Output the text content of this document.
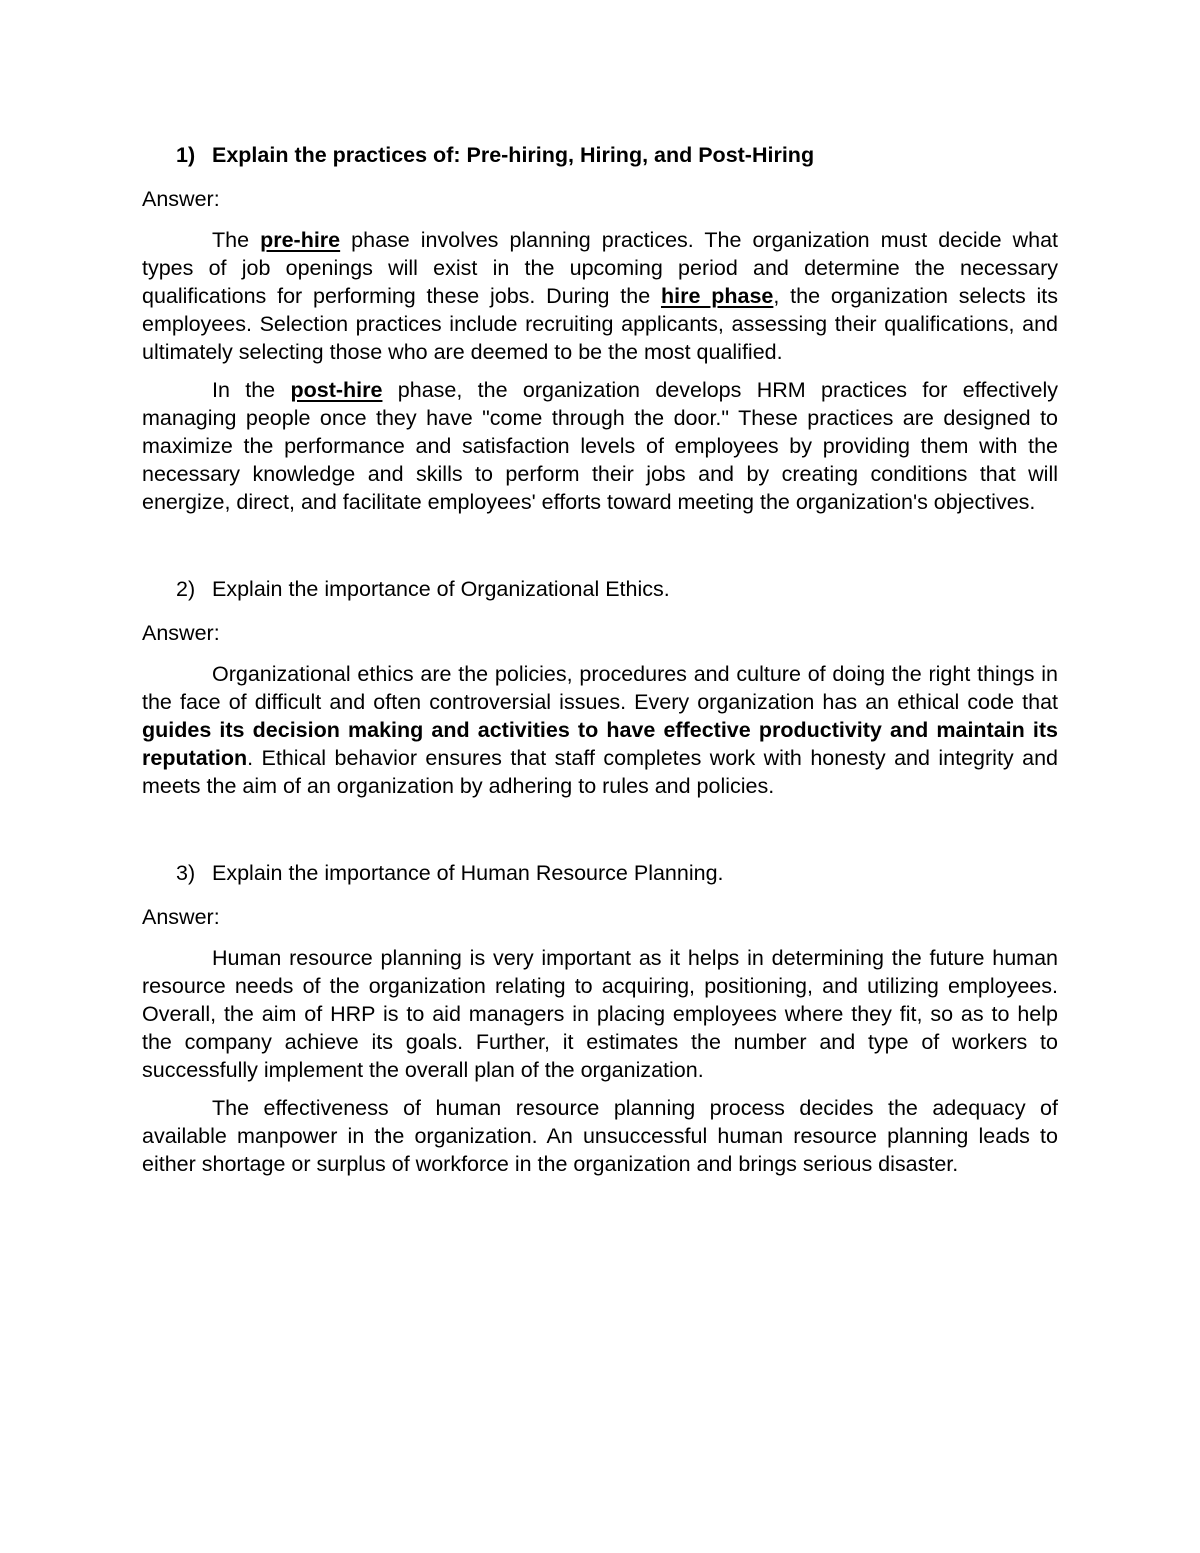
1) Explain the practices of: Pre-hiring, Hiring, and Post-Hiring

Answer:

The pre-hire phase involves planning practices. The organization must decide what types of job openings will exist in the upcoming period and determine the necessary qualifications for performing these jobs. During the hire phase, the organization selects its employees. Selection practices include recruiting applicants, assessing their qualifications, and ultimately selecting those who are deemed to be the most qualified.

In the post-hire phase, the organization develops HRM practices for effectively managing people once they have "come through the door." These practices are designed to maximize the performance and satisfaction levels of employees by providing them with the necessary knowledge and skills to perform their jobs and by creating conditions that will energize, direct, and facilitate employees' efforts toward meeting the organization's objectives.

2) Explain the importance of Organizational Ethics.

Answer:

Organizational ethics are the policies, procedures and culture of doing the right things in the face of difficult and often controversial issues. Every organization has an ethical code that guides its decision making and activities to have effective productivity and maintain its reputation. Ethical behavior ensures that staff completes work with honesty and integrity and meets the aim of an organization by adhering to rules and policies.

3) Explain the importance of Human Resource Planning.

Answer:

Human resource planning is very important as it helps in determining the future human resource needs of the organization relating to acquiring, positioning, and utilizing employees. Overall, the aim of HRP is to aid managers in placing employees where they fit, so as to help the company achieve its goals. Further, it estimates the number and type of workers to successfully implement the overall plan of the organization.

The effectiveness of human resource planning process decides the adequacy of available manpower in the organization. An unsuccessful human resource planning leads to either shortage or surplus of workforce in the organization and brings serious disaster.
